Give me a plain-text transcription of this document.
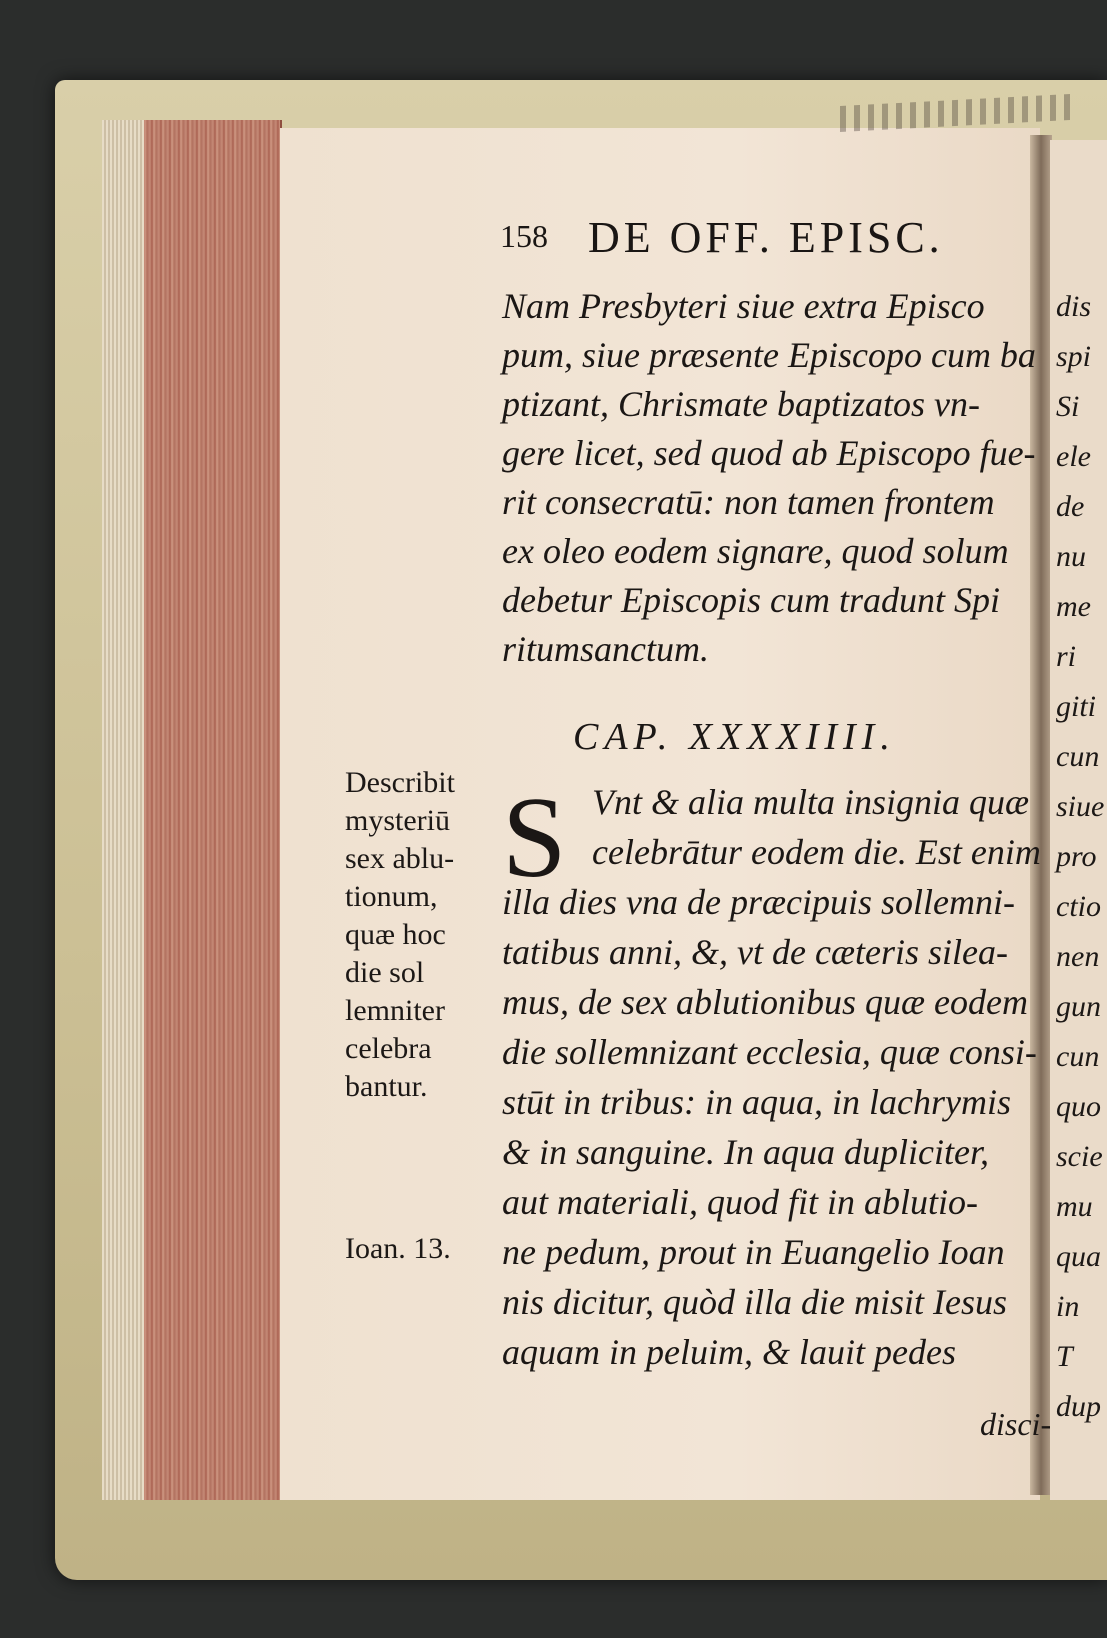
dis
spi
Si
ele
de
nu
me
ri
giti
cun
siue
pro
ctio
nen
gun
cun
quo
scie
mu
qua
in
T
dup
158 DE OFF. EPISC.
Nam Presbyteri siue extra Episco
pum, siue præsente Episcopo cum ba
ptizant, Chrismate baptizatos vn-
gere licet, sed quod ab Episcopo fue-
rit consecratū: non tamen frontem
ex oleo eodem signare, quod solum
debetur Episcopis cum tradunt Spi
ritumsanctum.
CAP. XXXXIIII.
S Vnt & alia multa insignia quæ
celebrātur eodem die. Est enim
illa dies vna de præcipuis sollemni-
tatibus anni, &, vt de cæteris silea-
mus, de sex ablutionibus quæ eodem
die sollemnizant ecclesia, quæ consi-
stūt in tribus: in aqua, in lachrymis
& in sanguine. In aqua dupliciter,
aut materiali, quod fit in ablutio-
ne pedum, prout in Euangelio Ioan
nis dicitur, quòd illa die misit Iesus
aquam in peluim, & lauit pedes
disci-
Describit
mysteriū
sex ablu-
tionum,
quæ hoc
die sol
lemniter
celebra
bantur.
Ioan. 13.
